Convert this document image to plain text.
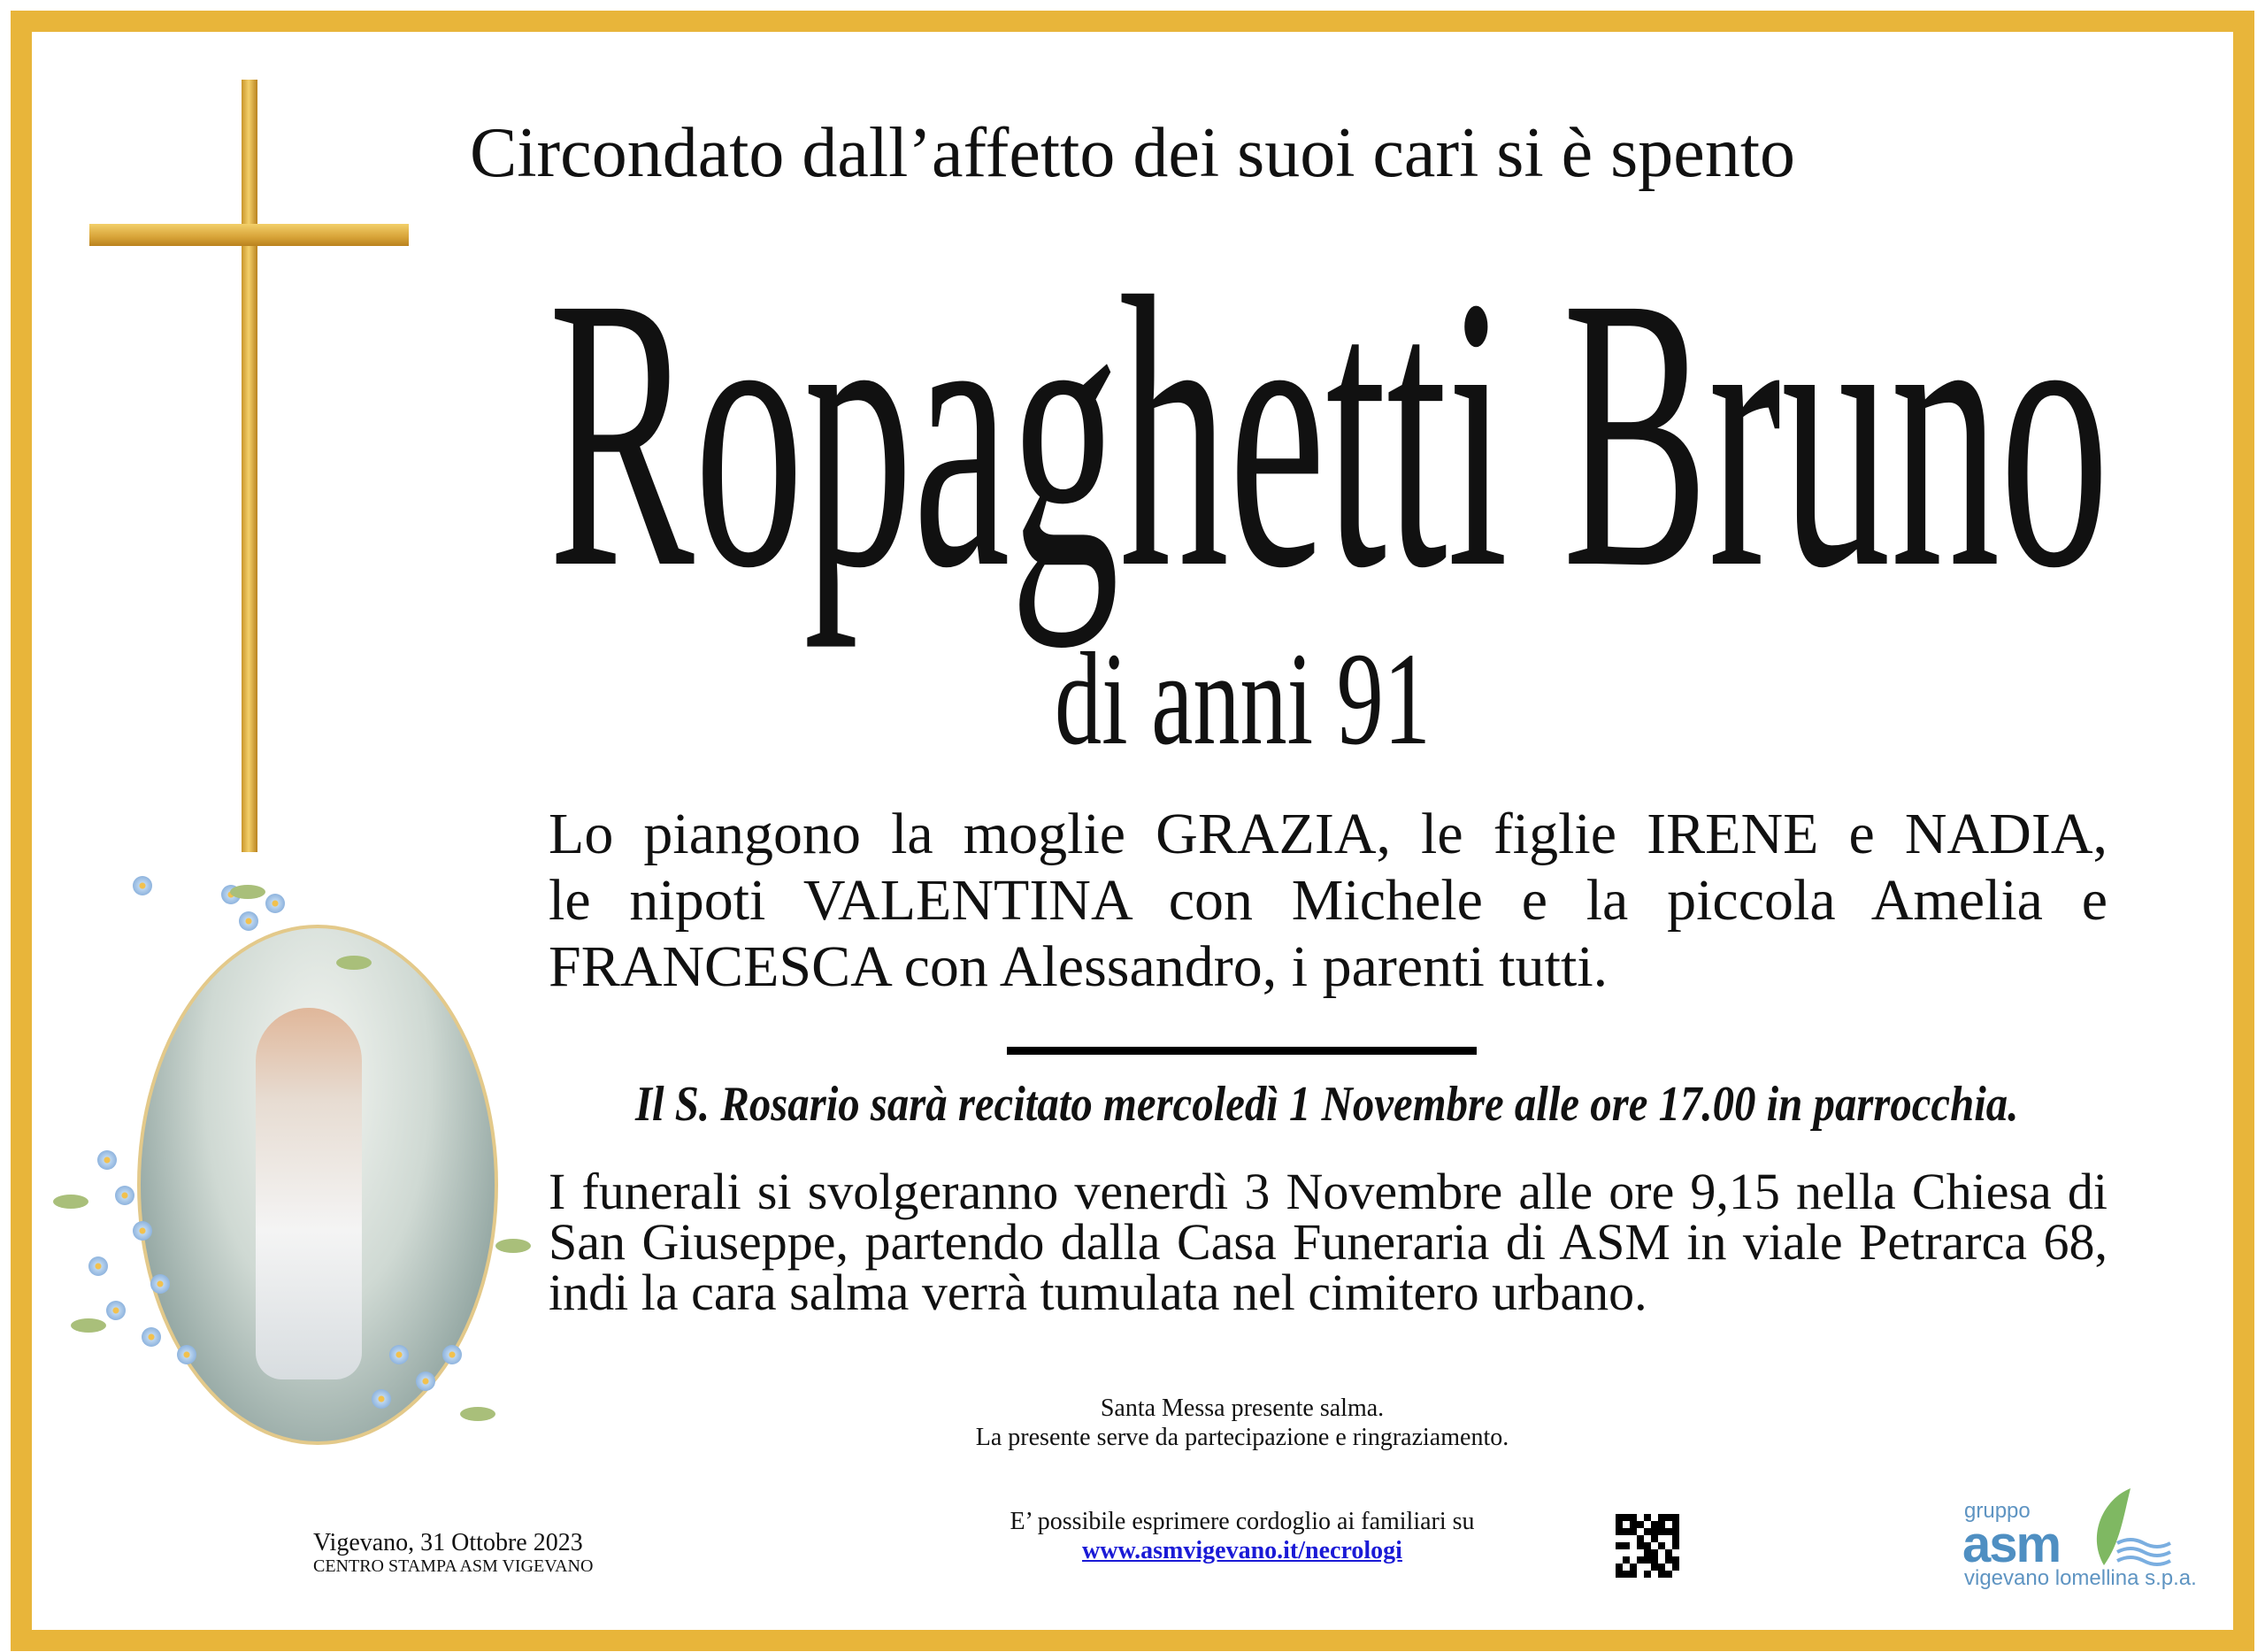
Circondato dall’affetto dei suoi cari si è spento
Ropaghetti Bruno
di anni 91
Lo piangono la moglie GRAZIA, le figlie IRENE e NADIA,
le nipoti VALENTINA con Michele e la piccola Amelia e
FRANCESCA con Alessandro, i parenti tutti.
Il S. Rosario sarà recitato mercoledì 1 Novembre alle ore 17.00 in parrocchia.
I funerali si svolgeranno venerdì 3 Novembre alle ore 9,15 nella Chiesa di
San Giuseppe, partendo dalla Casa Funeraria di ASM in viale Petrarca 68,
indi la cara salma verrà tumulata nel cimitero urbano.
Santa Messa presente salma.
La presente serve da partecipazione e ringraziamento.
E’ possibile esprimere cordoglio ai familiari su
www.asmvigevano.it/necrologi
Vigevano, 31 Ottobre 2023
CENTRO STAMPA ASM VIGEVANO
gruppo
asm
vigevano lomellina s.p.a.
